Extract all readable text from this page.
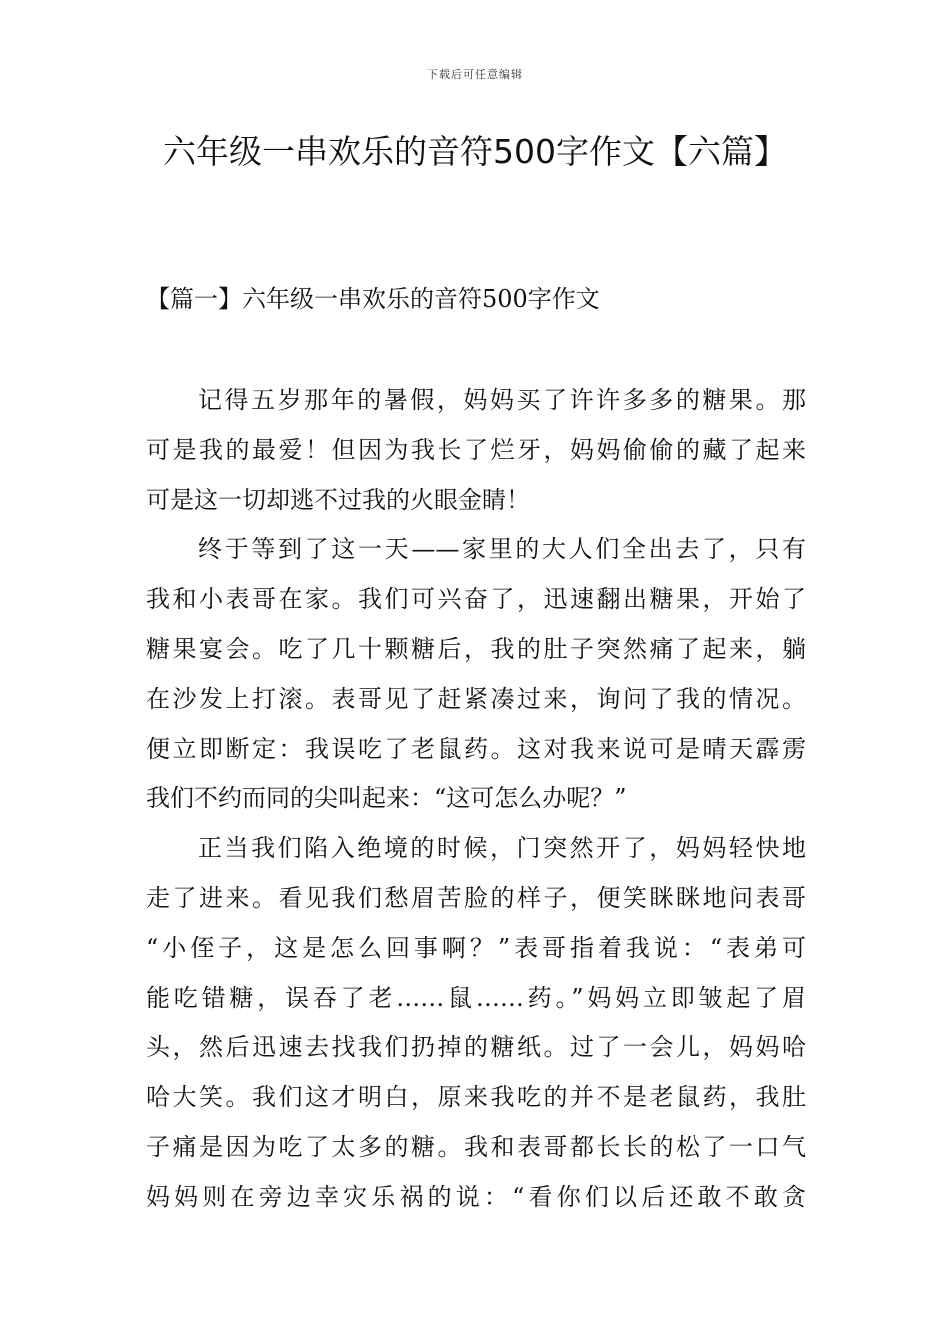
下载后可任意编辑
六年级一串欢乐的音符500字作文【六篇】
【篇一】六年级一串欢乐的音符500字作文

记得五岁那年的暑假，妈妈买了许许多多的糖果。那
可是我的最爱！但因为我长了烂牙，妈妈偷偷的藏了起来
可是这一切却逃不过我的火眼金睛！

终于等到了这一天——家里的大人们全出去了，只有
我和小表哥在家。我们可兴奋了，迅速翻出糖果，开始了
糖果宴会。吃了几十颗糖后，我的肚子突然痛了起来，躺
在沙发上打滚。表哥见了赶紧凑过来，询问了我的情况。
便立即断定：我误吃了老鼠药。这对我来说可是晴天霹雳
我们不约而同的尖叫起来：“这可怎么办呢？”

正当我们陷入绝境的时候，门突然开了，妈妈轻快地
走了进来。看见我们愁眉苦脸的样子，便笑眯眯地问表哥
“小侄子，这是怎么回事啊？”表哥指着我说：“表弟可
能吃错糖，误吞了老……鼠……药。”妈妈立即皱起了眉
头，然后迅速去找我们扔掉的糖纸。过了一会儿，妈妈哈
哈大笑。我们这才明白，原来我吃的并不是老鼠药，我肚
子痛是因为吃了太多的糖。我和表哥都长长的松了一口气
妈妈则在旁边幸灾乐祸的说：“看你们以后还敢不敢贪
